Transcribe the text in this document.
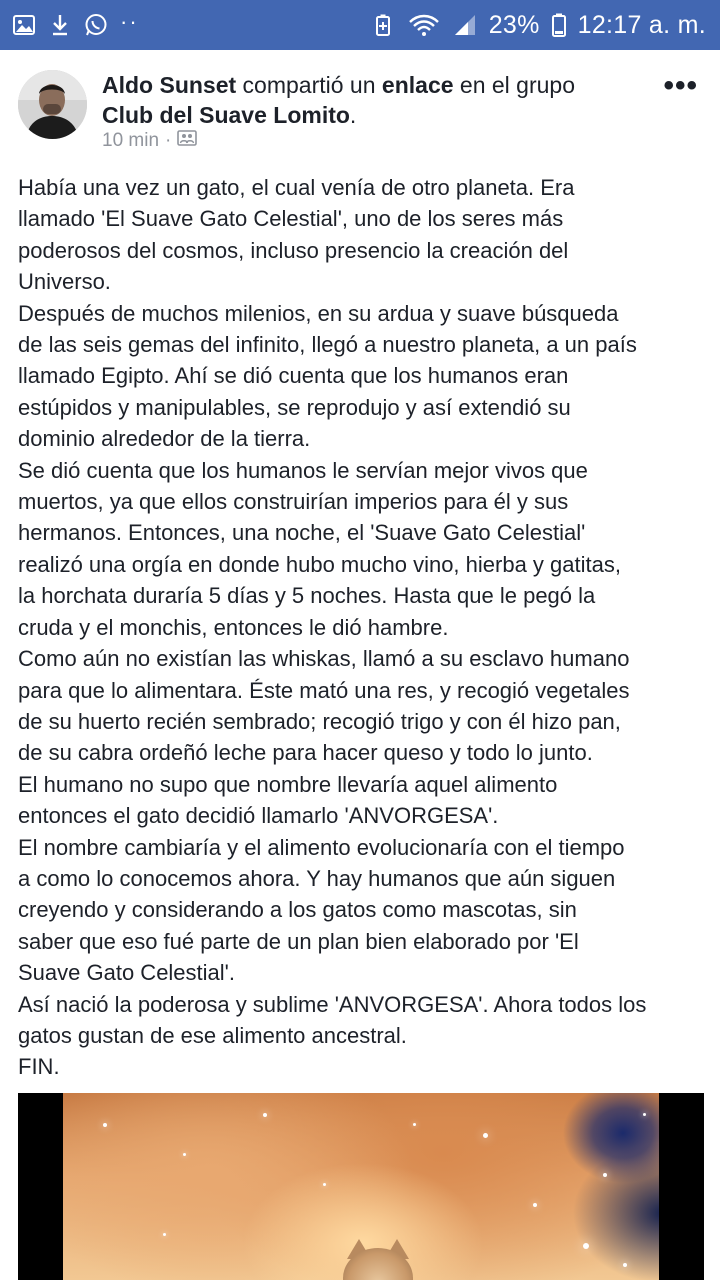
··	23% 12:17 a. m.
Aldo Sunset compartió un enlace en el grupo
Club del Suave Lomito.
10 min ·
•••

Había una vez un gato, el cual venía de otro planeta. Era

llamado 'El Suave Gato Celestial', uno de los seres más

poderosos del cosmos, incluso presencio la creación del

Universo.

Después de muchos milenios, en su ardua y suave búsqueda

de las seis gemas del infinito, llegó a nuestro planeta, a un país

llamado Egipto. Ahí se dió cuenta que los humanos eran

estúpidos y manipulables, se reprodujo y así extendió su

dominio alrededor de la tierra.

Se dió cuenta que los humanos le servían mejor vivos que

muertos, ya que ellos construirían imperios para él y sus

hermanos. Entonces, una noche, el 'Suave Gato Celestial'

realizó una orgía en donde hubo mucho vino, hierba y gatitas,

la horchata duraría 5 días y 5 noches. Hasta que le pegó la

cruda y el monchis, entonces le dió hambre.

Como aún no existían las whiskas, llamó a su esclavo humano

para que lo alimentara. Éste mató una res, y recogió vegetales

de su huerto recién sembrado; recogió trigo y con él hizo pan,

de su cabra ordeñó leche para hacer queso y todo lo junto.

El humano no supo que nombre llevaría aquel alimento

entonces el gato decidió llamarlo 'ANVORGESA'.

El nombre cambiaría y el alimento evolucionaría con el tiempo

a como lo conocemos ahora. Y hay humanos que aún siguen

creyendo y considerando a los gatos como mascotas, sin

saber que eso fué parte de un plan bien elaborado por 'El

Suave Gato Celestial'.

Así nació la poderosa y sublime 'ANVORGESA'. Ahora todos los

gatos gustan de ese alimento ancestral.

FIN.
